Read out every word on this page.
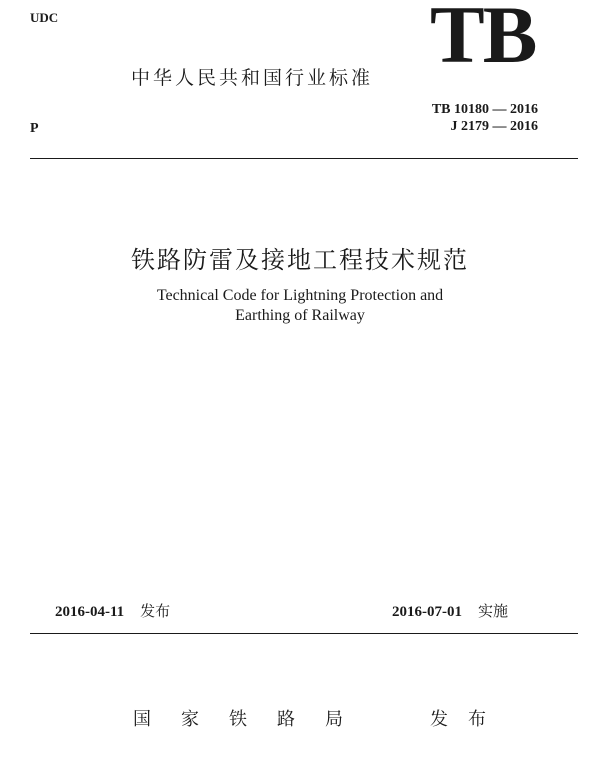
UDC
中华人民共和国行业标准 TB
TB 10180 — 2016
J 2179 — 2016
P
铁路防雷及接地工程技术规范
Technical Code for Lightning Protection and
Earthing of Railway
2016-04-11 发布	2016-07-01 实施
国家铁路局	发布
